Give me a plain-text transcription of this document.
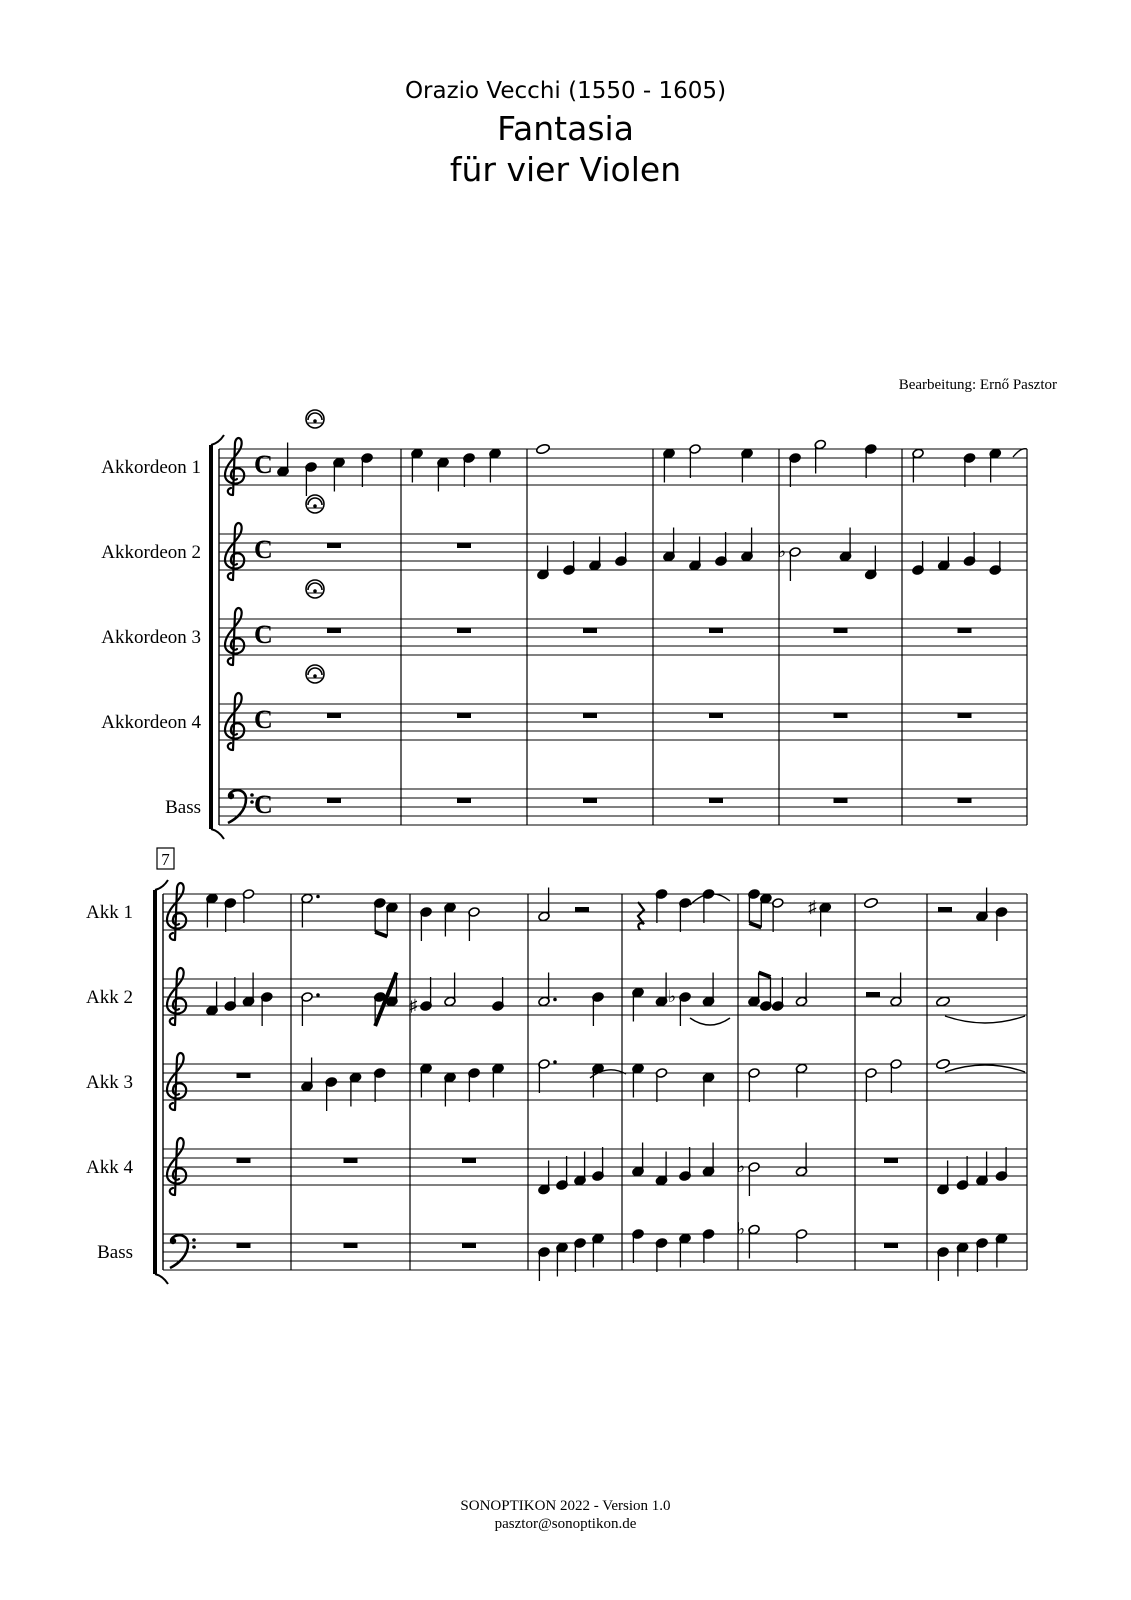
Orazio Vecchi (1550 - 1605)
Fantasia
für vier Violen
Bearbeitung: Ernő Pasztor
Akkordeon 1 C
Akkordeon 2 C	♭
Akkordeon 3 C
Akkordeon 4 C
Bass C
Akk 1	♯
Akk 2	♯	♭
Akk 3
Akk 4	♭
Bass
♭
7
SONOPTIKON 2022 - Version 1.0
pasztor@sonoptikon.de
